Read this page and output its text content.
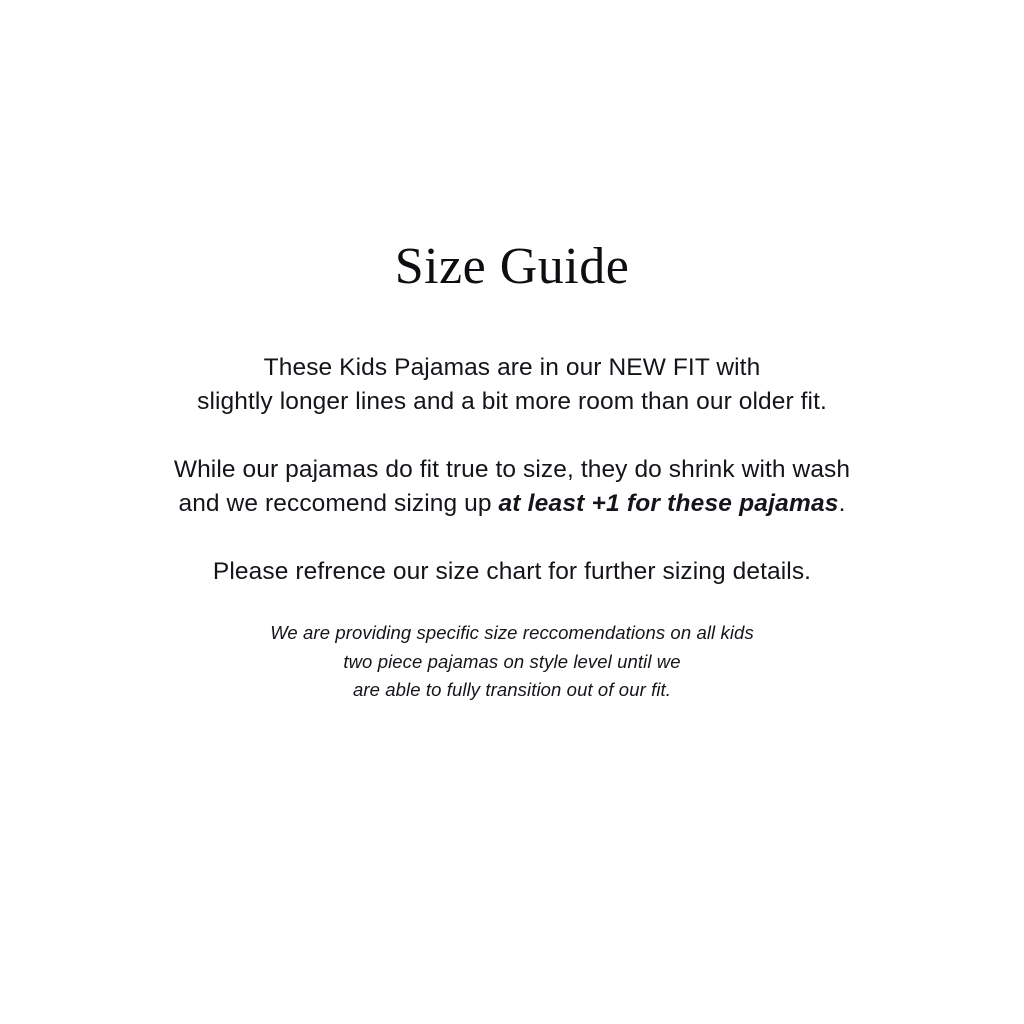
Size Guide

These Kids Pajamas are in our NEW FIT with
slightly longer lines and a bit more room than our older fit.

While our pajamas do fit true to size, they do shrink with wash
and we reccomend sizing up at least +1 for these pajamas.

Please refrence our size chart for further sizing details.

We are providing specific size reccomendations on all kids
two piece pajamas on style level until we
are able to fully transition out of our fit.
